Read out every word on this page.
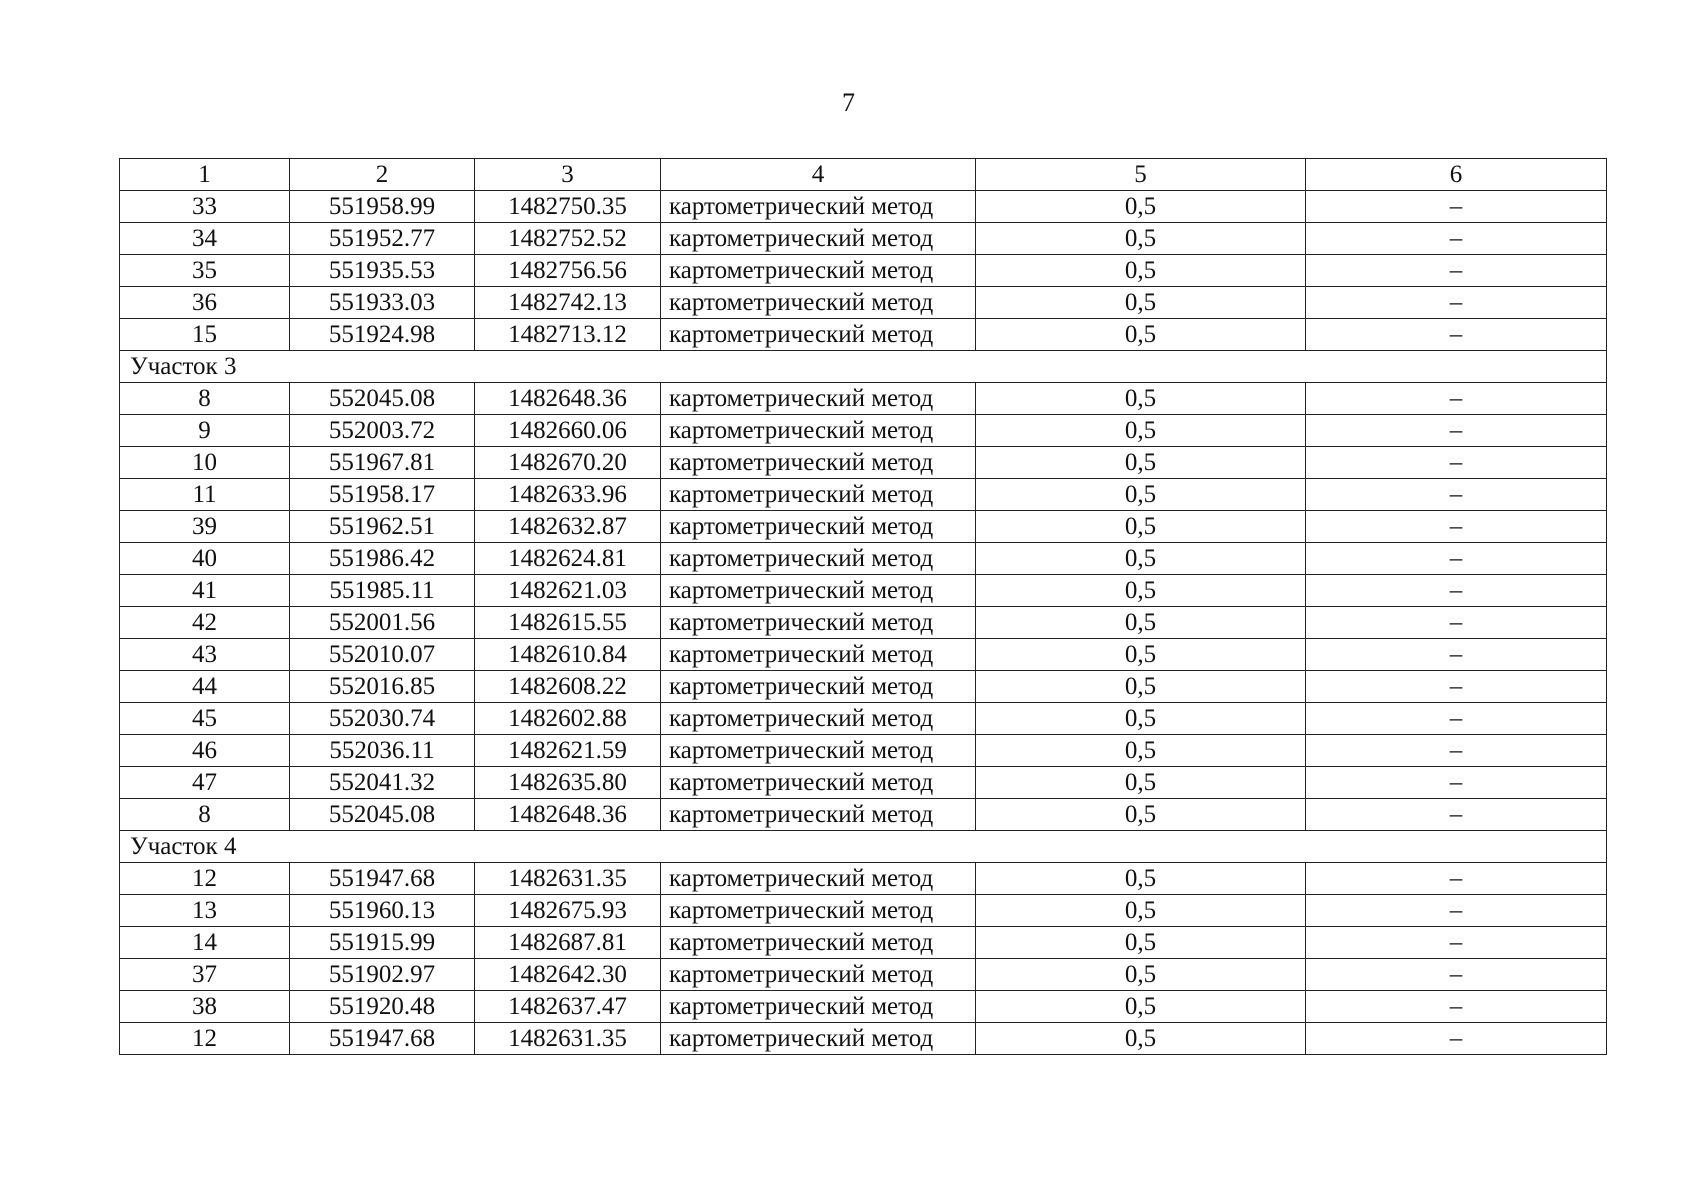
7
1	2	3	4	5	6
33	551958.99	1482750.35	картометрический метод	0,5	–
34	551952.77	1482752.52	картометрический метод	0,5	–
35	551935.53	1482756.56	картометрический метод	0,5	–
36	551933.03	1482742.13	картометрический метод	0,5	–
15	551924.98	1482713.12	картометрический метод	0,5	–
Участок 3					
8	552045.08	1482648.36	картометрический метод	0,5	–
9	552003.72	1482660.06	картометрический метод	0,5	–
10	551967.81	1482670.20	картометрический метод	0,5	–
11	551958.17	1482633.96	картометрический метод	0,5	–
39	551962.51	1482632.87	картометрический метод	0,5	–
40	551986.42	1482624.81	картометрический метод	0,5	–
41	551985.11	1482621.03	картометрический метод	0,5	–
42	552001.56	1482615.55	картометрический метод	0,5	–
43	552010.07	1482610.84	картометрический метод	0,5	–
44	552016.85	1482608.22	картометрический метод	0,5	–
45	552030.74	1482602.88	картометрический метод	0,5	–
46	552036.11	1482621.59	картометрический метод	0,5	–
47	552041.32	1482635.80	картометрический метод	0,5	–
8	552045.08	1482648.36	картометрический метод	0,5	–
Участок 4					
12	551947.68	1482631.35	картометрический метод	0,5	–
13	551960.13	1482675.93	картометрический метод	0,5	–
14	551915.99	1482687.81	картометрический метод	0,5	–
37	551902.97	1482642.30	картометрический метод	0,5	–
38	551920.48	1482637.47	картометрический метод	0,5	–
12	551947.68	1482631.35	картометрический метод	0,5	–
